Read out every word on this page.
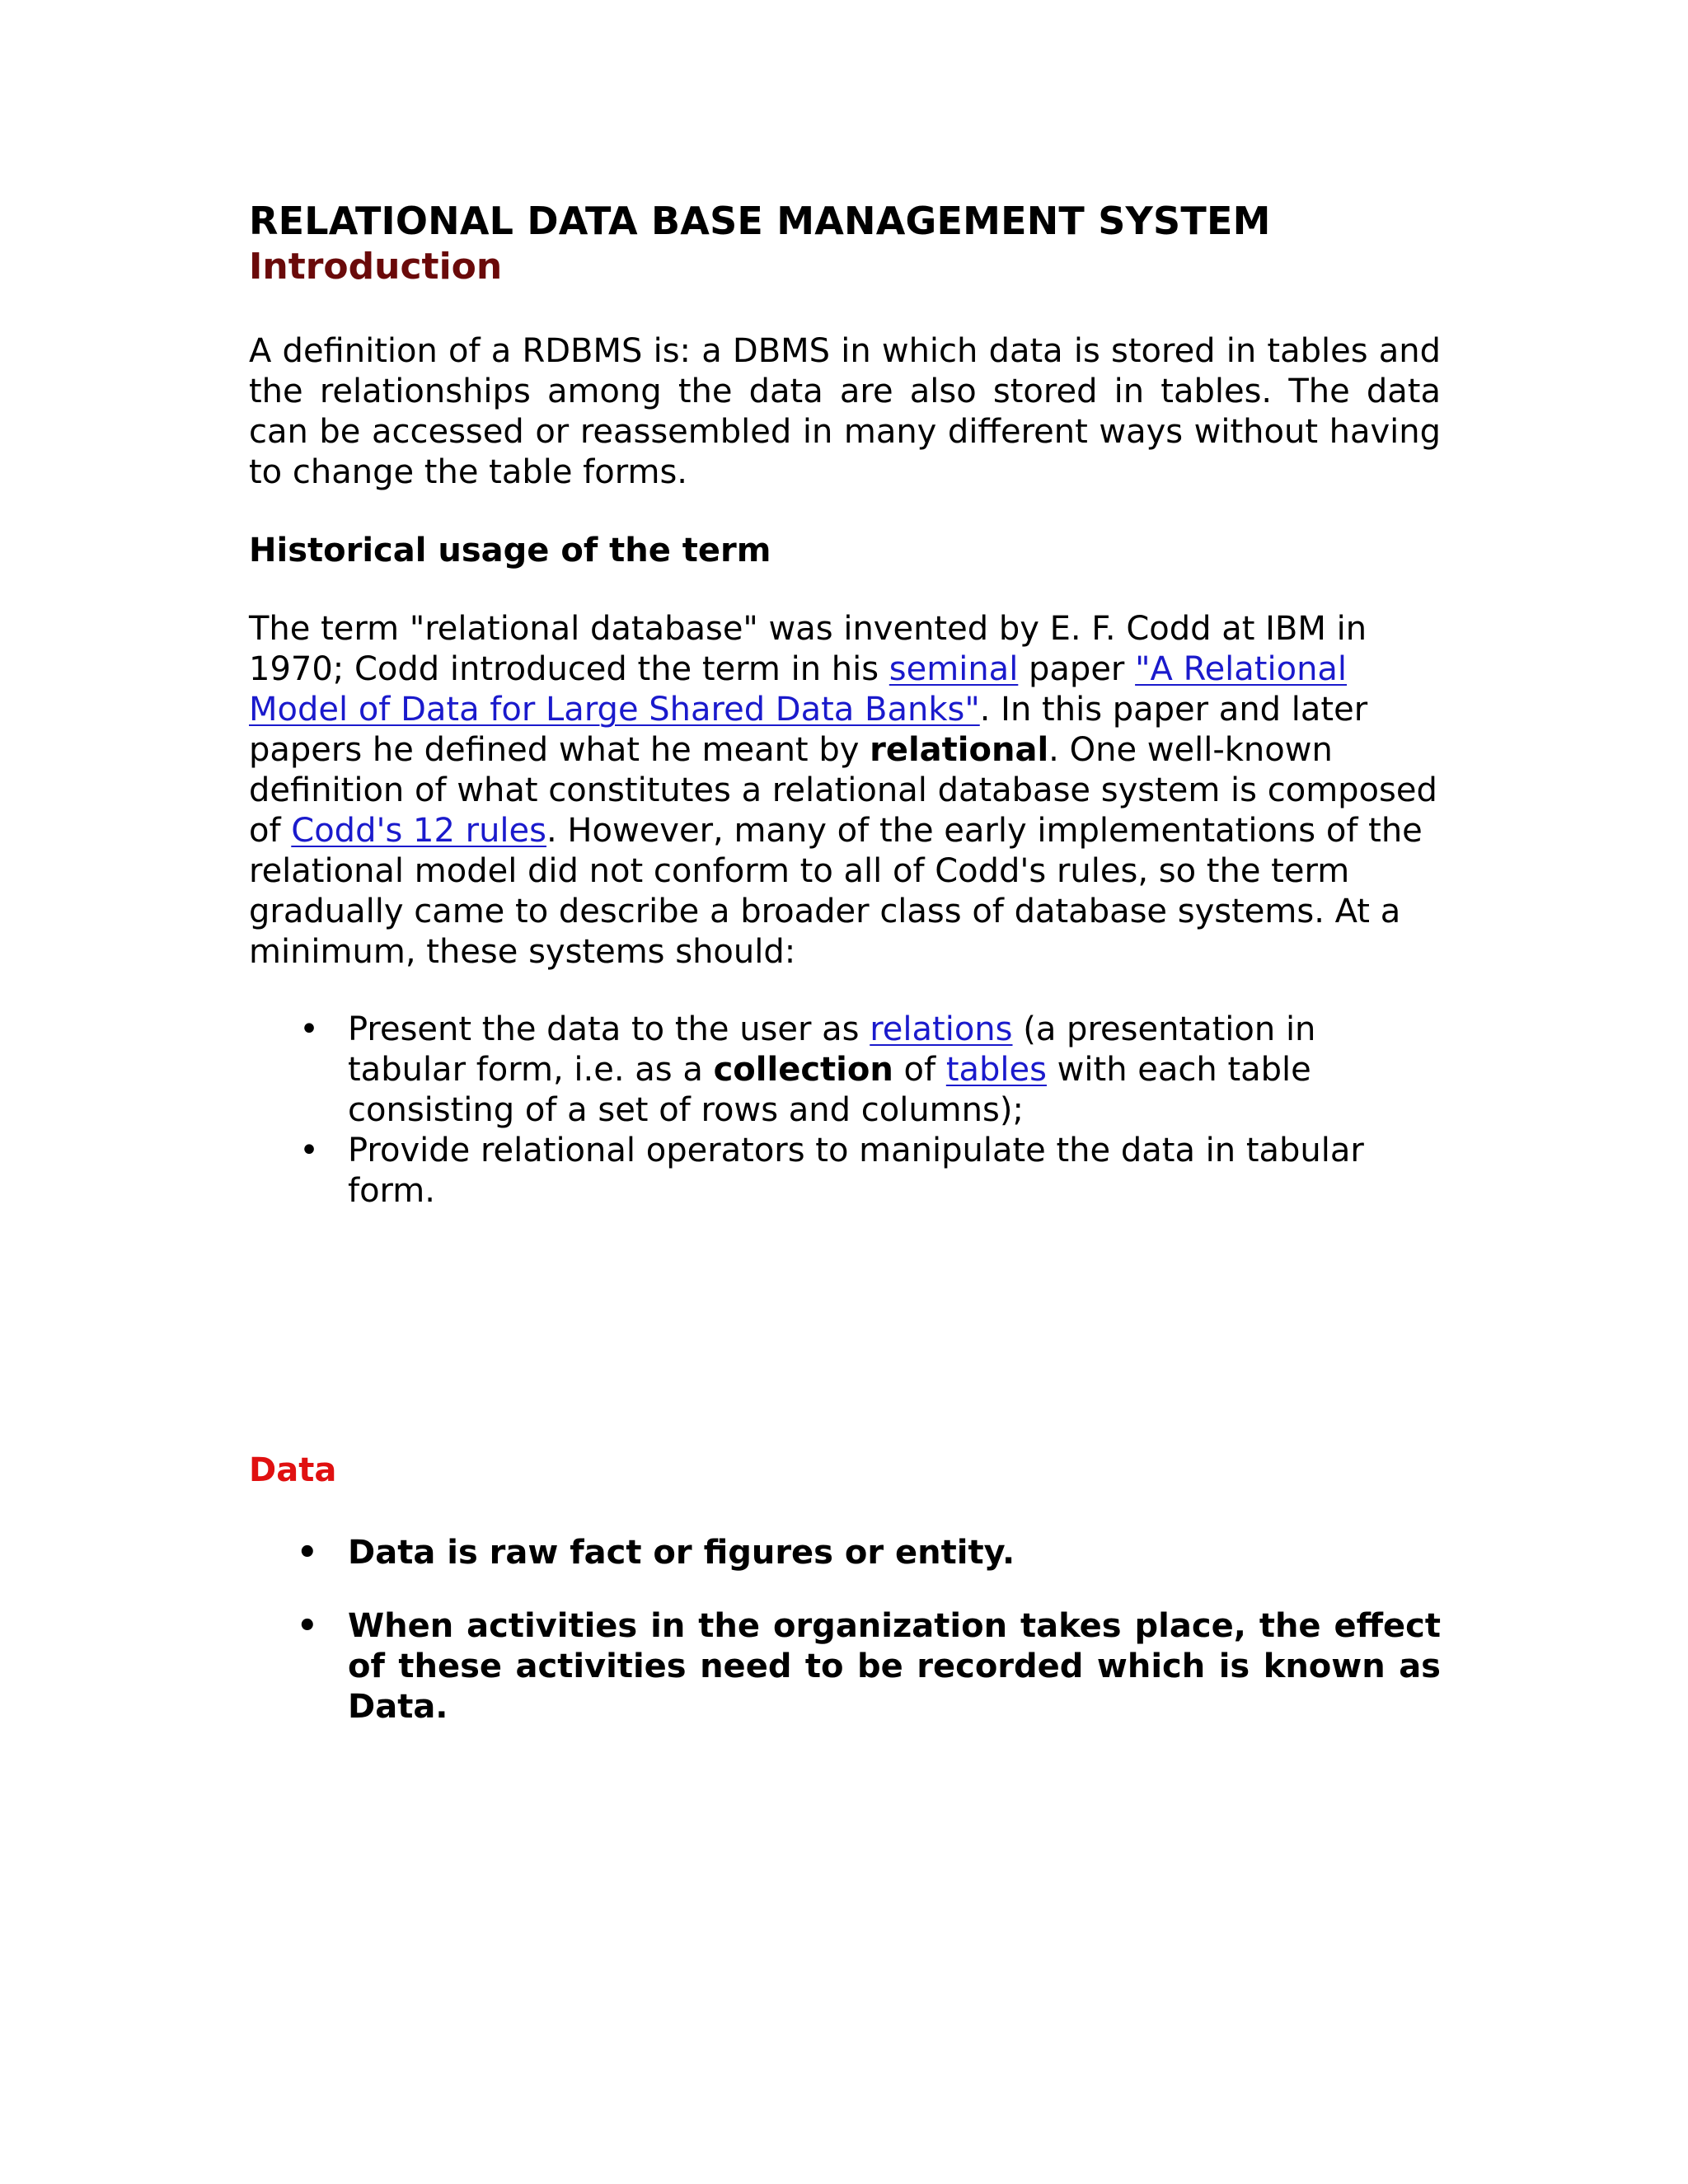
RELATIONAL DATA BASE MANAGEMENT SYSTEM
Introduction

A definition of a RDBMS is: a DBMS in which data is stored in tables and the relationships among the data are also stored in tables. The data can be accessed or reassembled in many different ways without having to change the table forms.

Historical usage of the term

The term "relational database" was invented by E. F. Codd at IBM in 1970; Codd introduced the term in his seminal paper "A Relational Model of Data for Large Shared Data Banks". In this paper and later papers he defined what he meant by relational. One well-known definition of what constitutes a relational database system is composed of Codd's 12 rules. However, many of the early implementations of the relational model did not conform to all of Codd's rules, so the term gradually came to describe a broader class of database systems. At a minimum, these systems should:

• Present the data to the user as relations (a presentation in tabular form, i.e. as a collection of tables with each table consisting of a set of rows and columns);
• Provide relational operators to manipulate the data in tabular form.
Data
• Data is raw fact or figures or entity.
• When activities in the organization takes place, the effect of these activities need to be recorded which is known as Data.
